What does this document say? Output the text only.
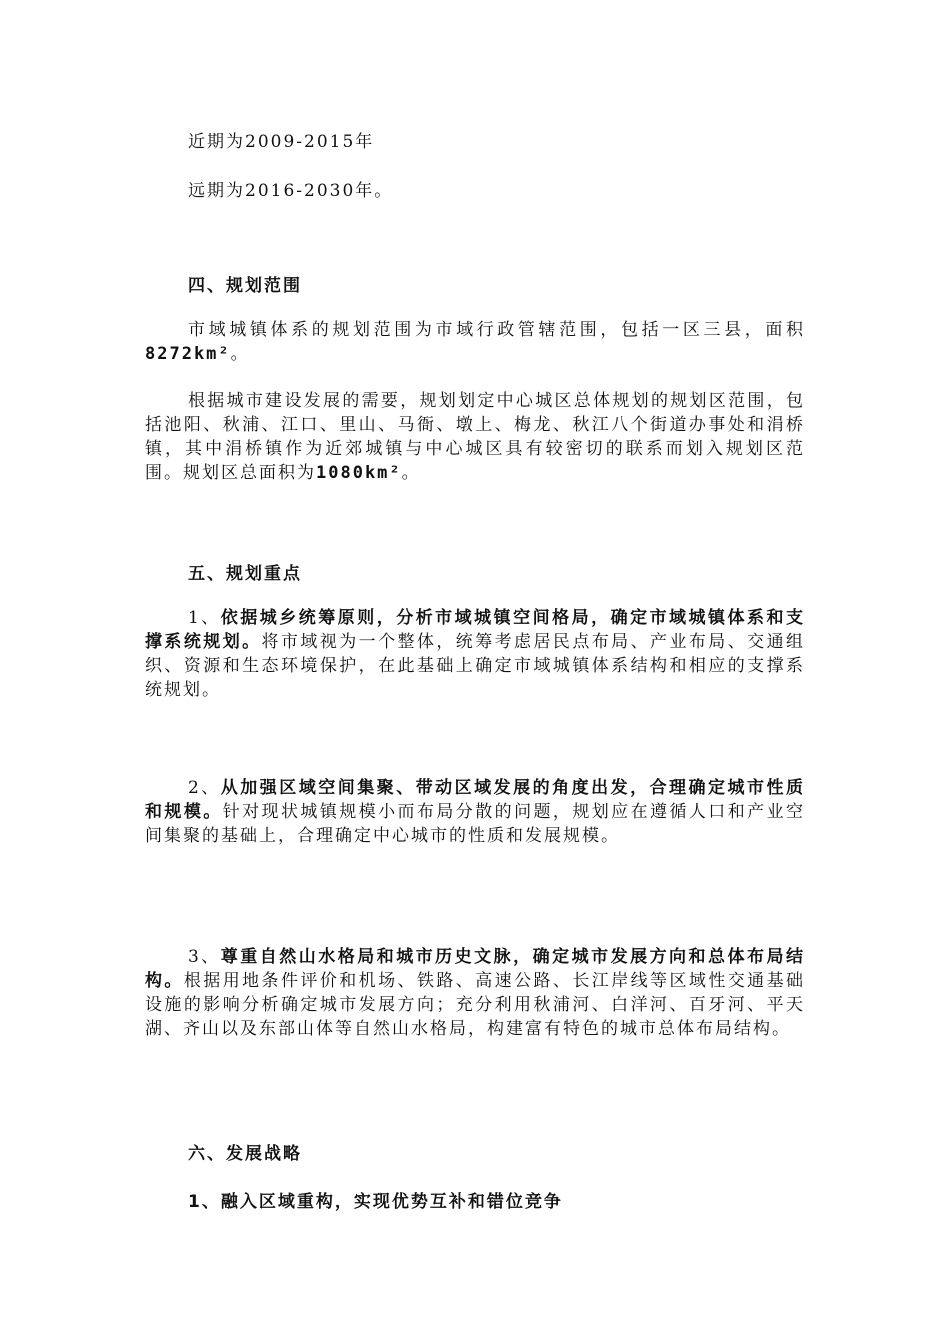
近期为2009-2015年
远期为2016-2030年。
四、规划范围
市域城镇体系的规划范围为市域行政管辖范围，包括一区三县，面积8272km²。
根据城市建设发展的需要，规划划定中心城区总体规划的规划区范围，包括池阳、秋浦、江口、里山、马衙、墩上、梅龙、秋江八个街道办事处和涓桥镇，其中涓桥镇作为近郊城镇与中心城区具有较密切的联系而划入规划区范围。规划区总面积为1080km²。
五、规划重点
1、依据城乡统筹原则，分析市域城镇空间格局，确定市域城镇体系和支撑系统规划。将市域视为一个整体，统筹考虑居民点布局、产业布局、交通组织、资源和生态环境保护，在此基础上确定市域城镇体系结构和相应的支撑系统规划。
2、从加强区域空间集聚、带动区域发展的角度出发，合理确定城市性质和规模。针对现状城镇规模小而布局分散的问题，规划应在遵循人口和产业空间集聚的基础上，合理确定中心城市的性质和发展规模。
3、尊重自然山水格局和城市历史文脉，确定城市发展方向和总体布局结构。根据用地条件评价和机场、铁路、高速公路、长江岸线等区域性交通基础设施的影响分析确定城市发展方向；充分利用秋浦河、白洋河、百牙河、平天湖、齐山以及东部山体等自然山水格局，构建富有特色的城市总体布局结构。
六、发展战略
1、融入区域重构，实现优势互补和错位竞争
